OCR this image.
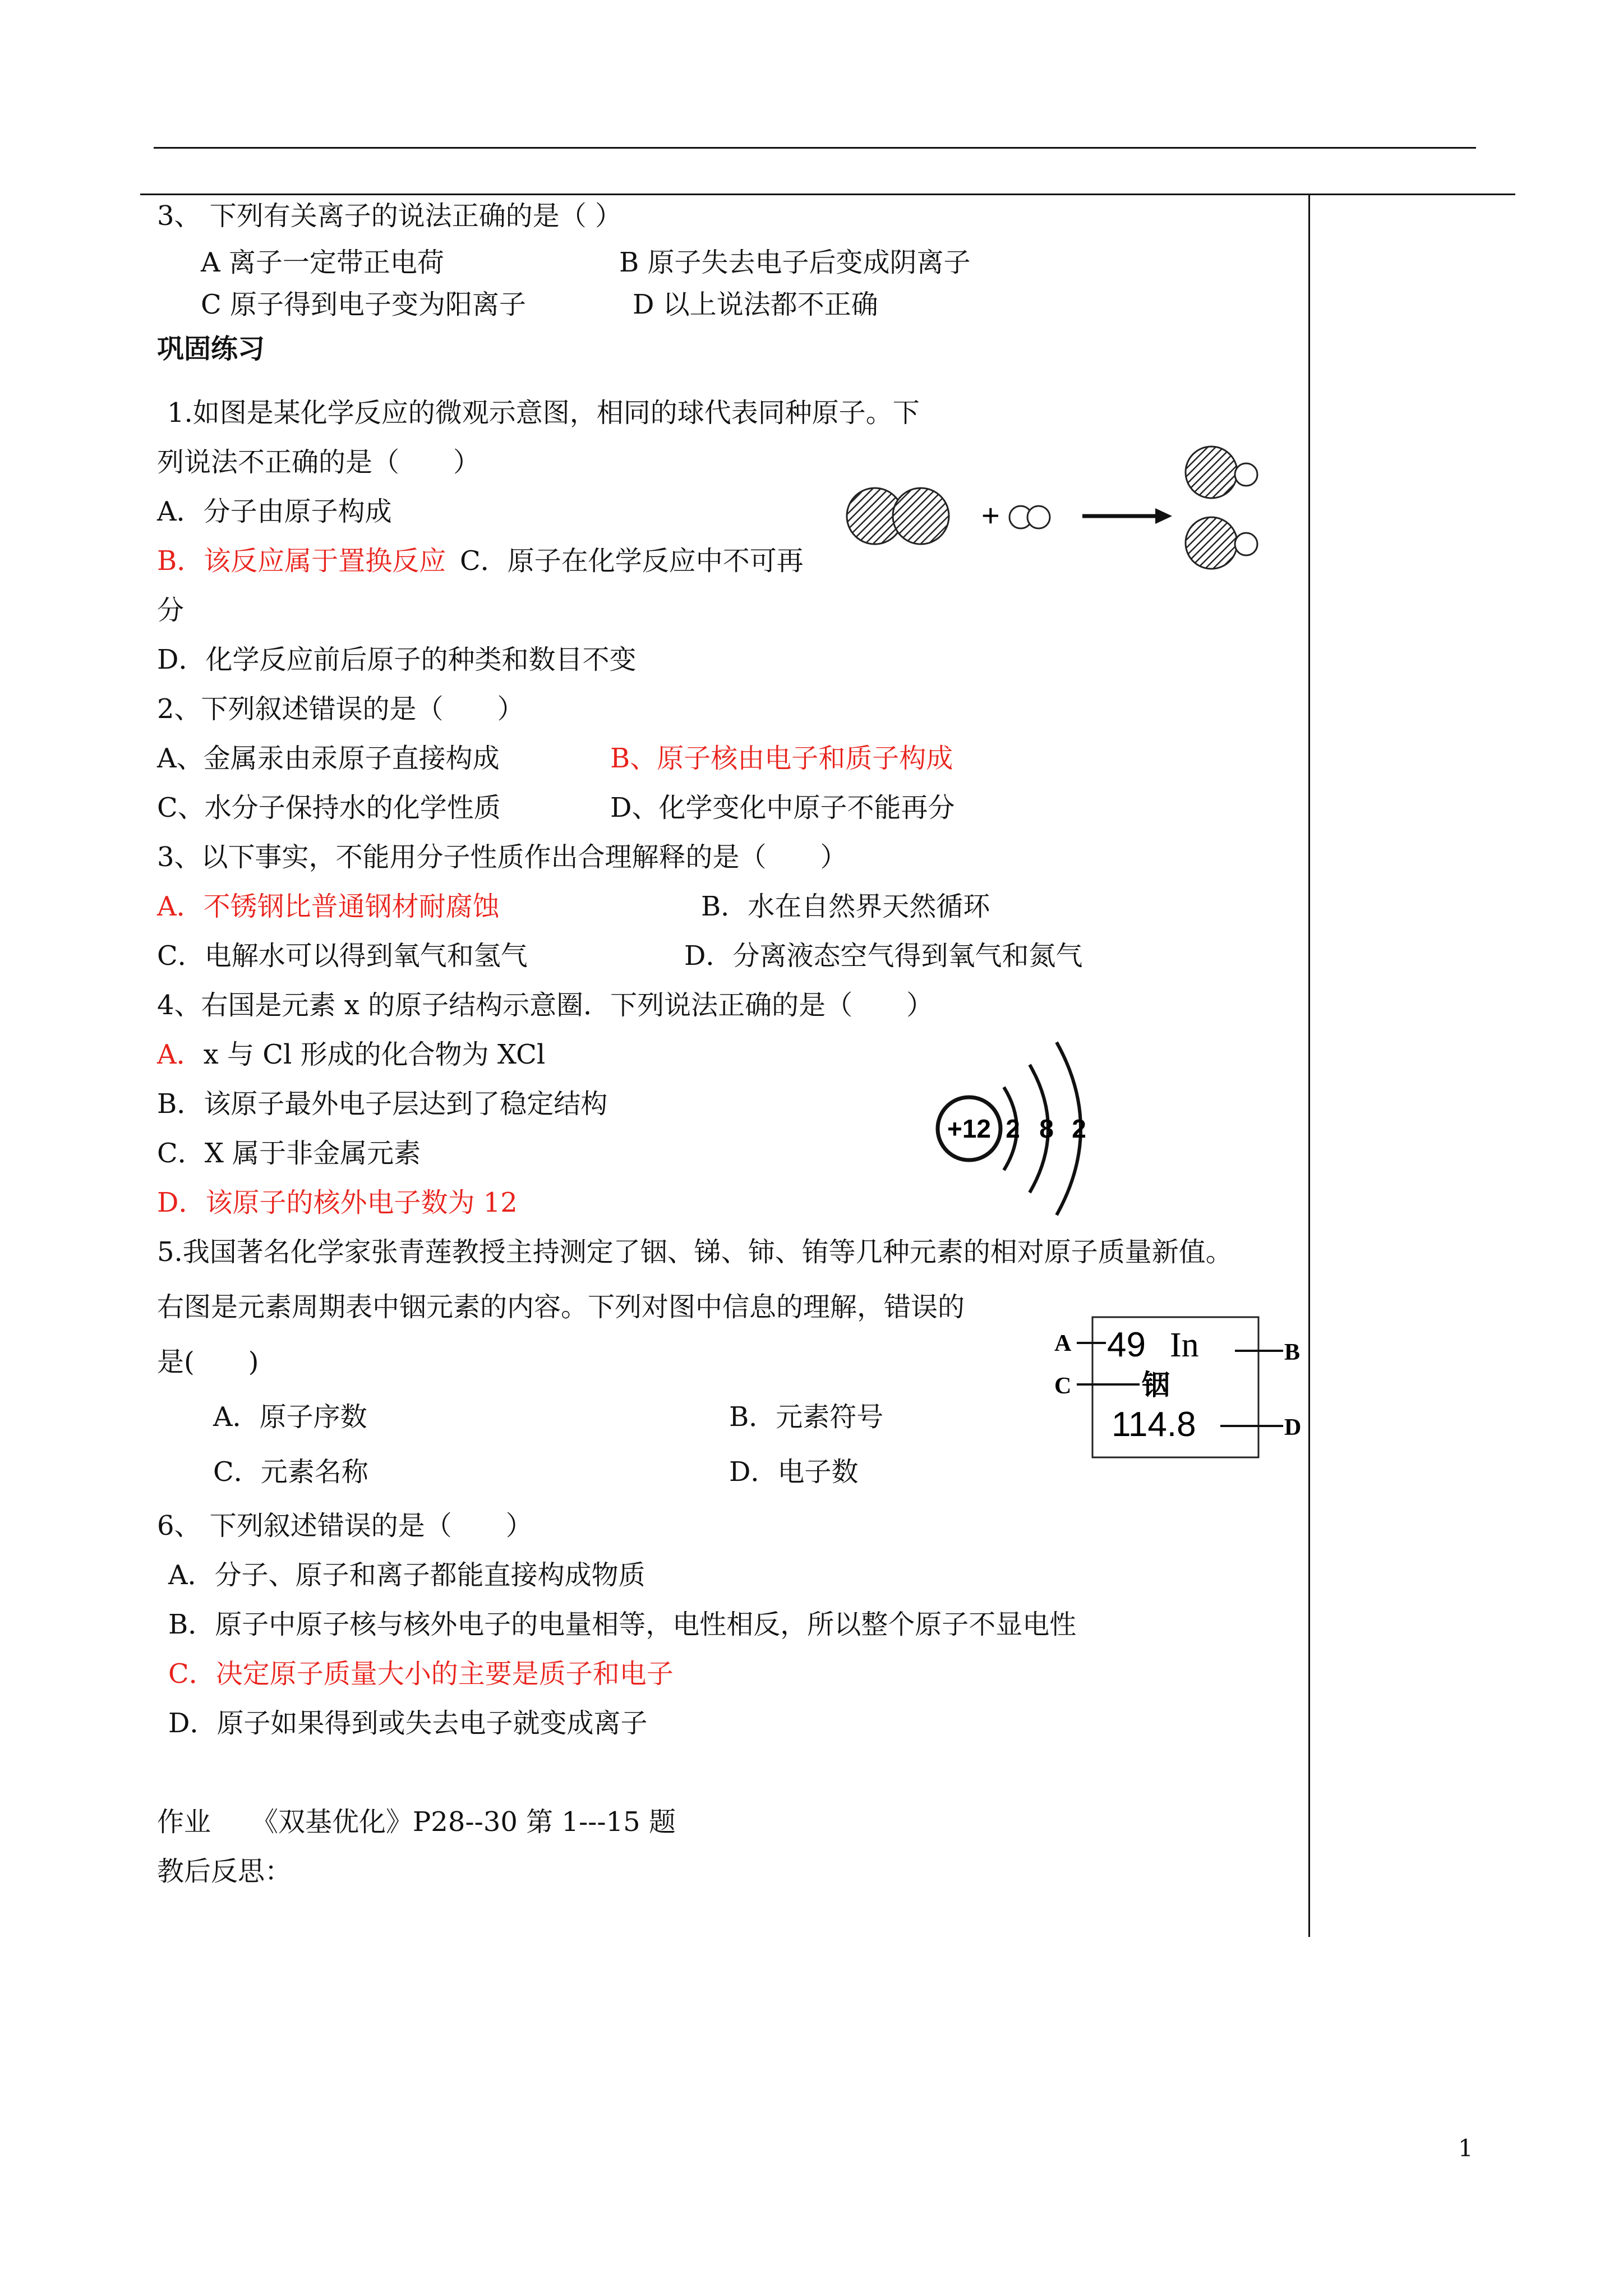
3、 下列有关离子的说法正确的是（ ）
A 离子一定带正电荷	B 原子失去电子后变成阴离子
C 原子得到电子变为阳离子	D 以上说法都不正确
巩固练习
1.如图是某化学反应的微观示意图，相同的球代表同种原子。下
列说法不正确的是（　　）
A．分子由原子构成
B．该反应属于置换反应 C．原子在化学反应中不可再
分
D．化学反应前后原子的种类和数目不变
+
2、下列叙述错误的是（　　）
A、金属汞由汞原子直接构成	B、原子核由电子和质子构成
C、水分子保持水的化学性质	D、化学变化中原子不能再分
3、以下事实，不能用分子性质作出合理解释的是（　　）
A．不锈钢比普通钢材耐腐蚀	B．水在自然界天然循环
C．电解水可以得到氧气和氢气	D．分离液态空气得到氧气和氮气
4、右国是元素 x 的原子结构示意圈．下列说法正确的是（　　）
A．x 与 Cl 形成的化合物为 XCl
B．该原子最外电子层达到了稳定结构
C．X 属于非金属元素
D．该原子的核外电子数为 12
+12 2 8 2
5.我国著名化学家张青莲教授主持测定了铟、锑、铈、铕等几种元素的相对原子质量新值。
右图是元素周期表中铟元素的内容。下列对图中信息的理解，错误的
是(　　)
A．原子序数	B．元素符号
C．元素名称	D．电子数
49 In
铟
114.8
A	B
C
D
6、 下列叙述错误的是（　　）
A．分子、原子和离子都能直接构成物质
B．原子中原子核与核外电子的电量相等，电性相反，所以整个原子不显电性
C．决定原子质量大小的主要是质子和电子
D．原子如果得到或失去电子就变成离子
作业　　《双基优化》P28--30 第 1---15 题
教后反思：
1
